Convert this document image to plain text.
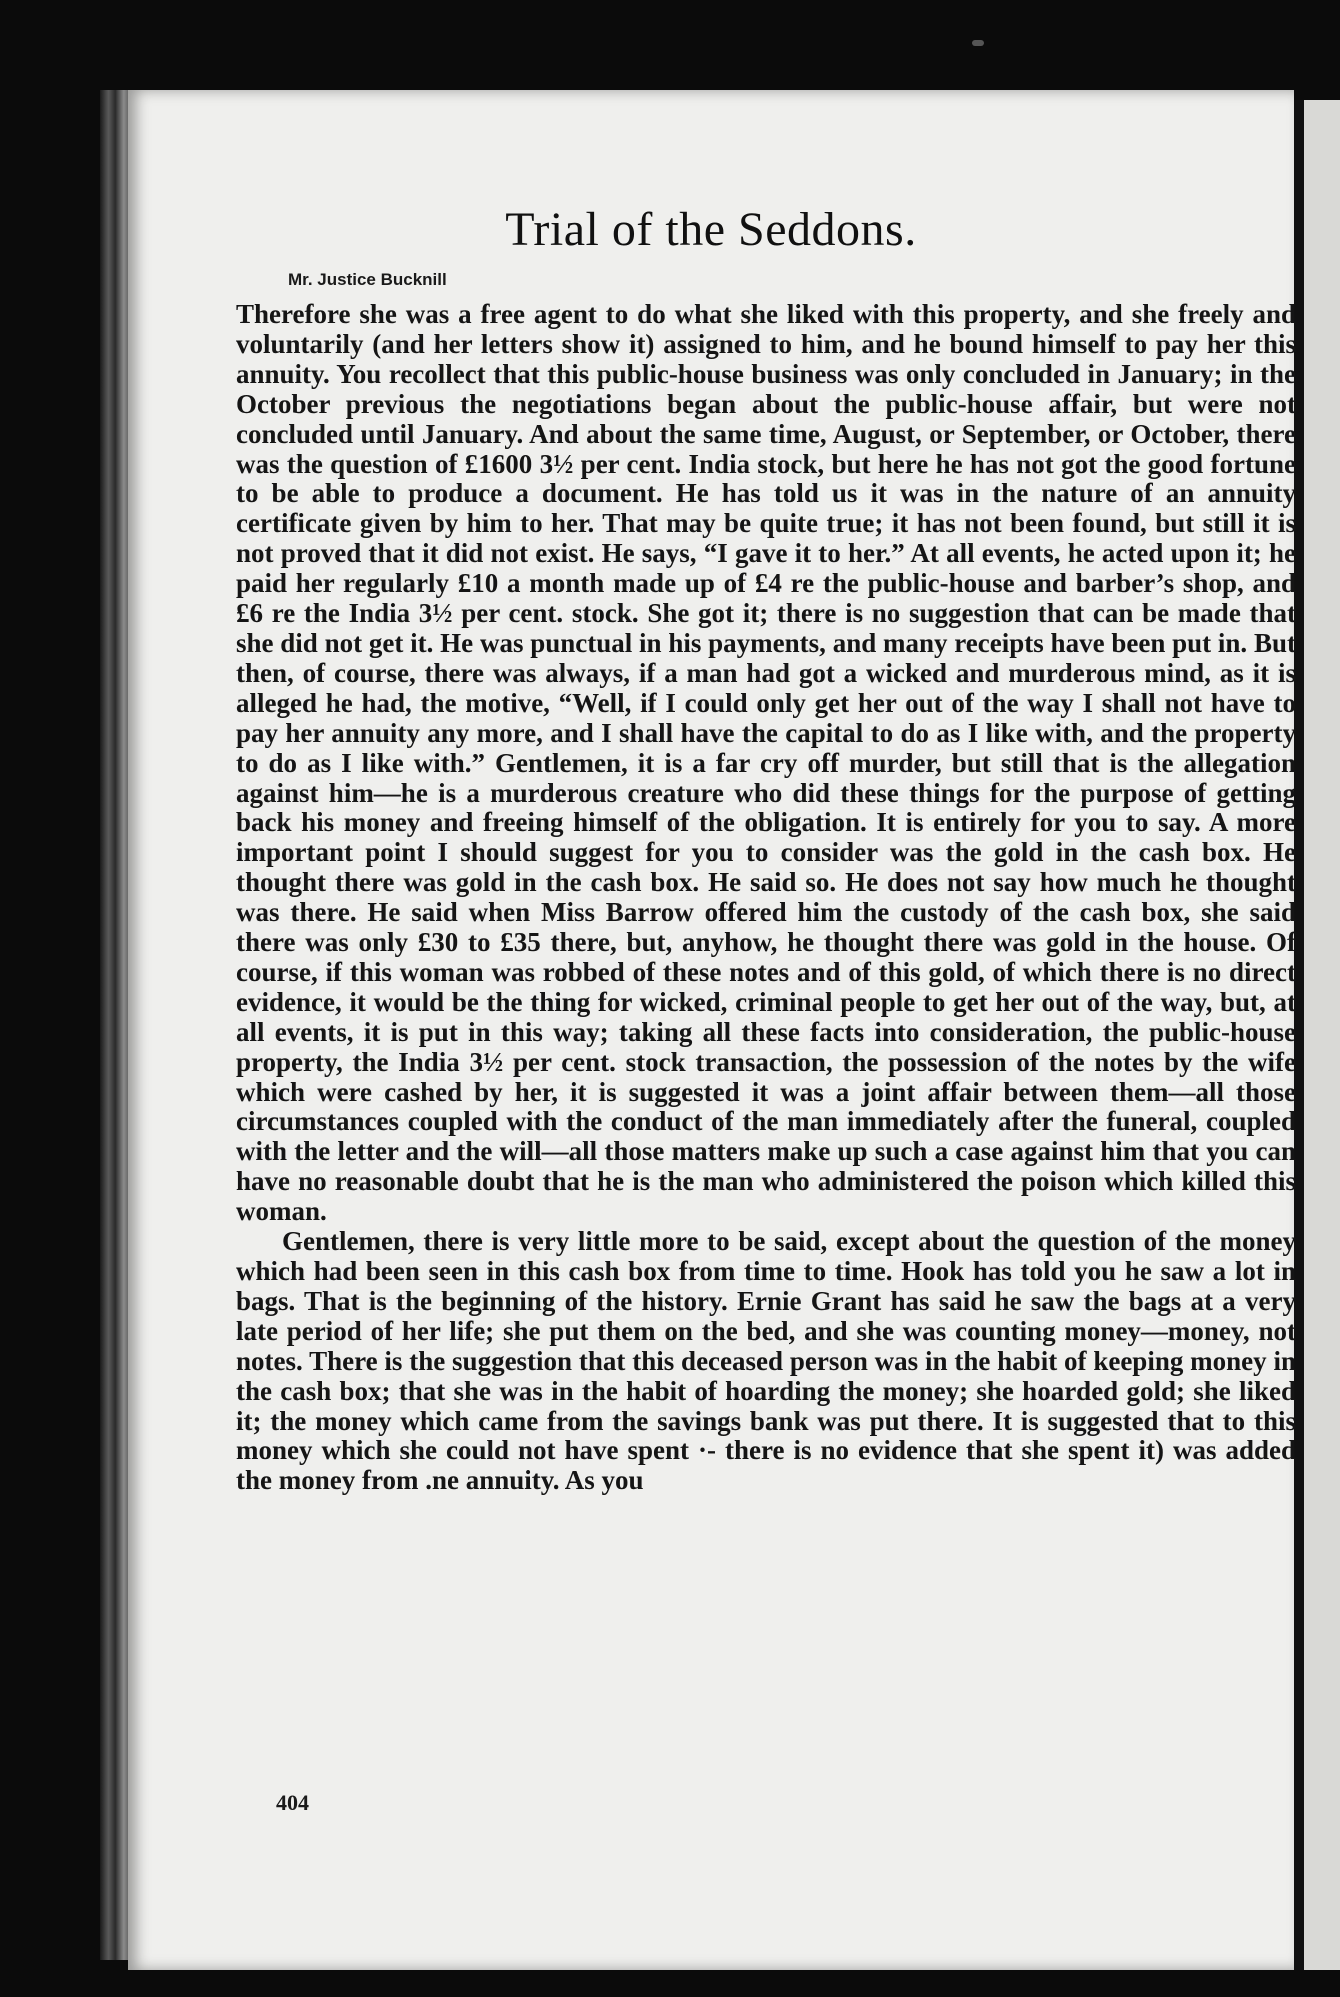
Trial of the Seddons.
Mr. Justice Bucknill

Therefore she was a free agent to do what she liked with this property, and she freely and voluntarily (and her letters show it) assigned to him, and he bound himself to pay her this annuity. You recollect that this public-house business was only concluded in January; in the October previous the negotiations began about the public-house affair, but were not concluded until January. And about the same time, August, or September, or October, there was the question of £1600 3½ per cent. India stock, but here he has not got the good fortune to be able to produce a document. He has told us it was in the nature of an annuity certificate given by him to her. That may be quite true; it has not been found, but still it is not proved that it did not exist. He says, “I gave it to her.” At all events, he acted upon it; he paid her regularly £10 a month made up of £4 re the public-house and barber’s shop, and £6 re the India 3½ per cent. stock. She got it; there is no suggestion that can be made that she did not get it. He was punctual in his payments, and many receipts have been put in. But then, of course, there was always, if a man had got a wicked and murderous mind, as it is alleged he had, the motive, “Well, if I could only get her out of the way I shall not have to pay her annuity any more, and I shall have the capital to do as I like with, and the property to do as I like with.” Gentlemen, it is a far cry off murder, but still that is the allegation against him—he is a murderous creature who did these things for the purpose of getting back his money and freeing himself of the obligation. It is entirely for you to say. A more important point I should suggest for you to consider was the gold in the cash box. He thought there was gold in the cash box. He said so. He does not say how much he thought was there. He said when Miss Barrow offered him the custody of the cash box, she said there was only £30 to £35 there, but, anyhow, he thought there was gold in the house. Of course, if this woman was robbed of these notes and of this gold, of which there is no direct evidence, it would be the thing for wicked, criminal people to get her out of the way, but, at all events, it is put in this way; taking all these facts into consideration, the public-house property, the India 3½ per cent. stock transaction, the possession of the notes by the wife which were cashed by her, it is suggested it was a joint affair between them—all those circumstances coupled with the conduct of the man immediately after the funeral, coupled with the letter and the will—all those matters make up such a case against him that you can have no reasonable doubt that he is the man who administered the poison which killed this woman.

Gentlemen, there is very little more to be said, except about the question of the money which had been seen in this cash box from time to time. Hook has told you he saw a lot in bags. That is the beginning of the history. Ernie Grant has said he saw the bags at a very late period of her life; she put them on the bed, and she was counting money—money, not notes. There is the suggestion that this deceased person was in the habit of keeping money in the cash box; that she was in the habit of hoarding the money; she hoarded gold; she liked it; the money which came from the savings bank was put there. It is suggested that to this money which she could not have spent ·- there is no evidence that she spent it) was added the money from .ne annuity. As you

404
